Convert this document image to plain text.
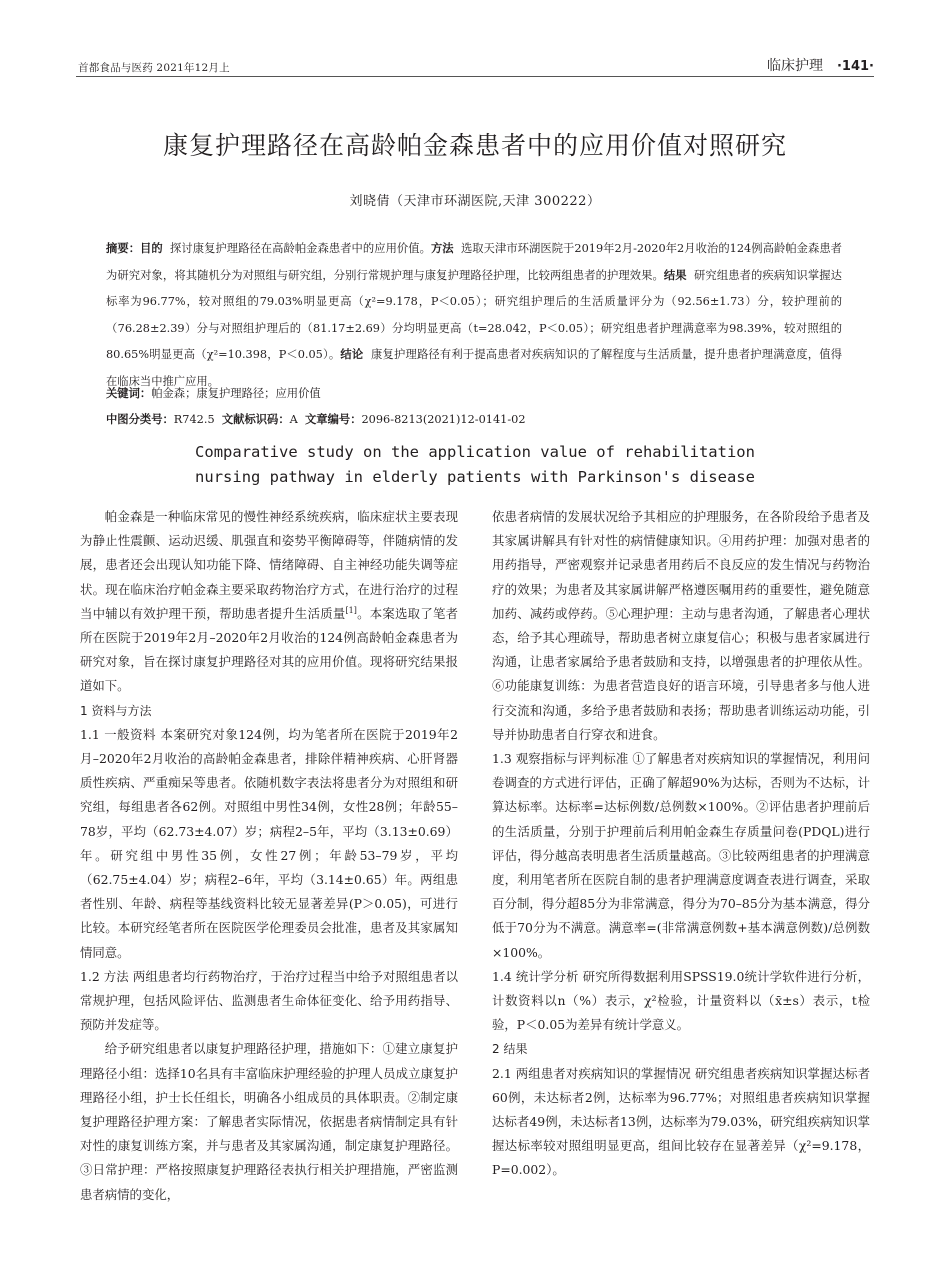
首都食品与医药 2021年12月上	临床护理 ·141·
康复护理路径在高龄帕金森患者中的应用价值对照研究
刘晓倩（天津市环湖医院,天津 300222）
摘要：目的 探讨康复护理路径在高龄帕金森患者中的应用价值。方法 选取天津市环湖医院于2019年2月-2020年2月收治的124例高龄帕金森患者为研究对象，将其随机分为对照组与研究组，分别行常规护理与康复护理路径护理，比较两组患者的护理效果。结果 研究组患者的疾病知识掌握达标率为96.77%，较对照组的79.03%明显更高（χ²=9.178，P＜0.05）；研究组护理后的生活质量评分为（92.56±1.73）分，较护理前的（76.28±2.39）分与对照组护理后的（81.17±2.69）分均明显更高（t=28.042，P＜0.05）；研究组患者护理满意率为98.39%，较对照组的80.65%明显更高（χ²=10.398，P＜0.05）。结论 康复护理路径有利于提高患者对疾病知识的了解程度与生活质量，提升患者护理满意度，值得在临床当中推广应用。
关键词：帕金森；康复护理路径；应用价值
中图分类号：R742.5 文献标识码：A 文章编号：2096-8213(2021)12-0141-02
Comparative study on the application value of rehabilitation
nursing pathway in elderly patients with Parkinson's disease

帕金森是一种临床常见的慢性神经系统疾病，临床症状主要表现为静止性震颤、运动迟缓、肌强直和姿势平衡障碍等，伴随病情的发展，患者还会出现认知功能下降、情绪障碍、自主神经功能失调等症状。现在临床治疗帕金森主要采取药物治疗方式，在进行治疗的过程当中辅以有效护理干预，帮助患者提升生活质量[1]。本案选取了笔者所在医院于2019年2月–2020年2月收治的124例高龄帕金森患者为研究对象，旨在探讨康复护理路径对其的应用价值。现将研究结果报道如下。

1 资料与方法

1.1 一般资料 本案研究对象124例，均为笔者所在医院于2019年2月–2020年2月收治的高龄帕金森患者，排除伴精神疾病、心肝肾器质性疾病、严重痴呆等患者。依随机数字表法将患者分为对照组和研究组，每组患者各62例。对照组中男性34例，女性28例；年龄55–78岁，平均（62.73±4.07）岁；病程2–5年，平均（3.13±0.69）年。研究组中男性35例，女性27例；年龄53–79岁，平均（62.75±4.04）岁；病程2–6年，平均（3.14±0.65）年。两组患者性别、年龄、病程等基线资料比较无显著差异(P＞0.05)，可进行比较。本研究经笔者所在医院医学伦理委员会批准，患者及其家属知情同意。

1.2 方法 两组患者均行药物治疗，于治疗过程当中给予对照组患者以常规护理，包括风险评估、监测患者生命体征变化、给予用药指导、预防并发症等。

给予研究组患者以康复护理路径护理，措施如下：①建立康复护理路径小组：选择10名具有丰富临床护理经验的护理人员成立康复护理路径小组，护士长任组长，明确各小组成员的具体职责。②制定康复护理路径护理方案：了解患者实际情况，依据患者病情制定具有针对性的康复训练方案，并与患者及其家属沟通，制定康复护理路径。③日常护理：严格按照康复护理路径表执行相关护理措施，严密监测患者病情的变化，

依患者病情的发展状况给予其相应的护理服务，在各阶段给予患者及其家属讲解具有针对性的病情健康知识。④用药护理：加强对患者的用药指导，严密观察并记录患者用药后不良反应的发生情况与药物治疗的效果；为患者及其家属讲解严格遵医嘱用药的重要性，避免随意加药、减药或停药。⑤心理护理：主动与患者沟通，了解患者心理状态，给予其心理疏导，帮助患者树立康复信心；积极与患者家属进行沟通，让患者家属给予患者鼓励和支持，以增强患者的护理依从性。⑥功能康复训练：为患者营造良好的语言环境，引导患者多与他人进行交流和沟通，多给予患者鼓励和表扬；帮助患者训练运动功能，引导并协助患者自行穿衣和进食。

1.3 观察指标与评判标准 ①了解患者对疾病知识的掌握情况，利用问卷调查的方式进行评估，正确了解超90%为达标，否则为不达标，计算达标率。达标率=达标例数/总例数×100%。②评估患者护理前后的生活质量，分别于护理前后利用帕金森生存质量问卷(PDQL)进行评估，得分越高表明患者生活质量越高。③比较两组患者的护理满意度，利用笔者所在医院自制的患者护理满意度调查表进行调查，采取百分制，得分超85分为非常满意，得分为70–85分为基本满意，得分低于70分为不满意。满意率=(非常满意例数+基本满意例数)/总例数×100%。

1.4 统计学分析 研究所得数据利用SPSS19.0统计学软件进行分析，计数资料以n（%）表示，χ²检验，计量资料以（x̄±s）表示，t检验，P＜0.05为差异有统计学意义。

2 结果

2.1 两组患者对疾病知识的掌握情况 研究组患者疾病知识掌握达标者60例，未达标者2例，达标率为96.77%；对照组患者疾病知识掌握达标者49例，未达标者13例，达标率为79.03%，研究组疾病知识掌握达标率较对照组明显更高，组间比较存在显著差异（χ²=9.178，P=0.002）。
